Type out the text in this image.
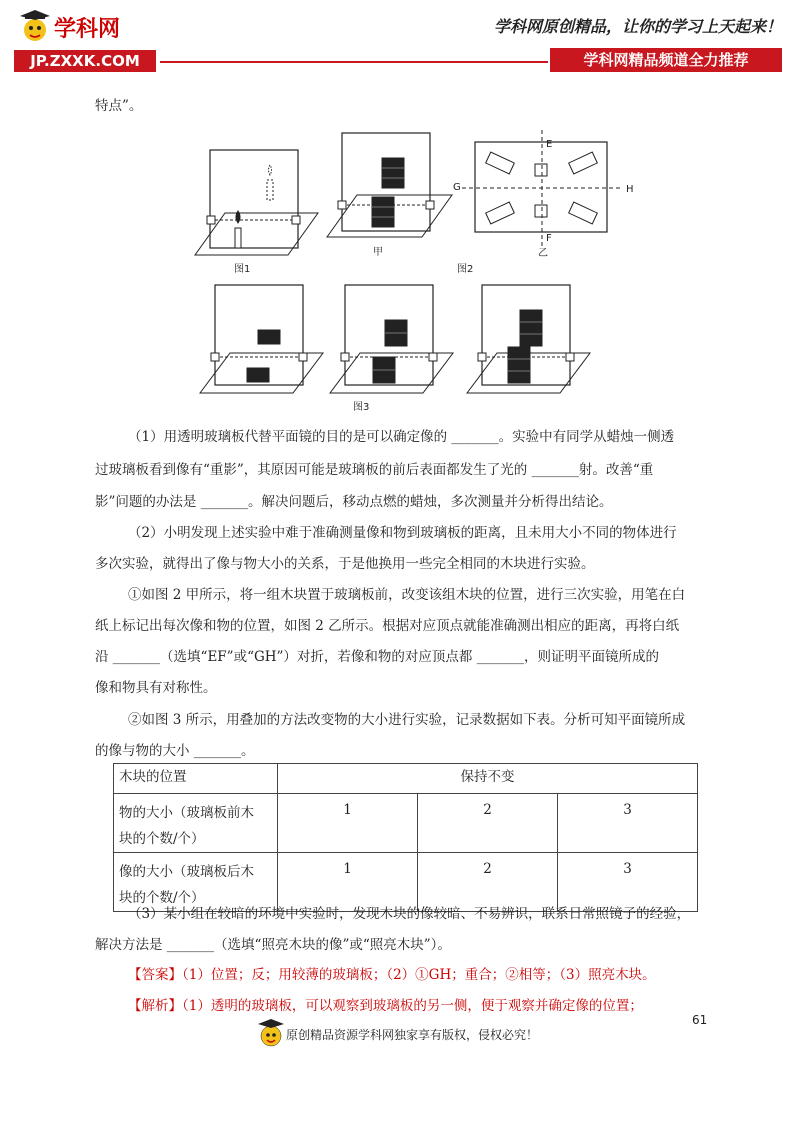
学科网
JP.ZXXK.COM
学科网原创精品，让你的学习上天起来！
学科网精品频道全力推荐
特点”。
图1
甲
图2
乙
E
F
G	H
图3
（1）用透明玻璃板代替平面镜的目的是可以确定像的 _______。实验中有同学从蜡烛一侧透
过玻璃板看到像有“重影”，其原因可能是玻璃板的前后表面都发生了光的 _______射。改善“重
影”问题的办法是 _______。解决问题后，移动点燃的蜡烛，多次测量并分析得出结论。
（2）小明发现上述实验中难于准确测量像和物到玻璃板的距离，且未用大小不同的物体进行
多次实验，就得出了像与物大小的关系，于是他换用一些完全相同的木块进行实验。
①如图 2 甲所示，将一组木块置于玻璃板前，改变该组木块的位置，进行三次实验，用笔在白
纸上标记出每次像和物的位置，如图 2 乙所示。根据对应顶点就能准确测出相应的距离，再将白纸
沿 _______（选填“EF”或“GH”）对折，若像和物的对应顶点都 _______，则证明平面镜所成的
像和物具有对称性。
②如图 3 所示，用叠加的方法改变物的大小进行实验，记录数据如下表。分析可知平面镜所成
的像与物的大小 _______。
木块的位置	保持不变		

物的大小（玻璃板前木
块的个数/个）	1	2	3

像的大小（玻璃板后木
块的个数/个）	1	2	3
（3）某小组在较暗的环境中实验时，发现木块的像较暗、不易辨识，联系日常照镜子的经验，
解决方法是 _______（选填“照亮木块的像”或“照亮木块”）。
【答案】（1）位置；反；用较薄的玻璃板；（2）①GH；重合；②相等；（3）照亮木块。
【解析】（1）透明的玻璃板，可以观察到玻璃板的另一侧，便于观察并确定像的位置；
61
原创精品资源学科网独家享有版权，侵权必究！
